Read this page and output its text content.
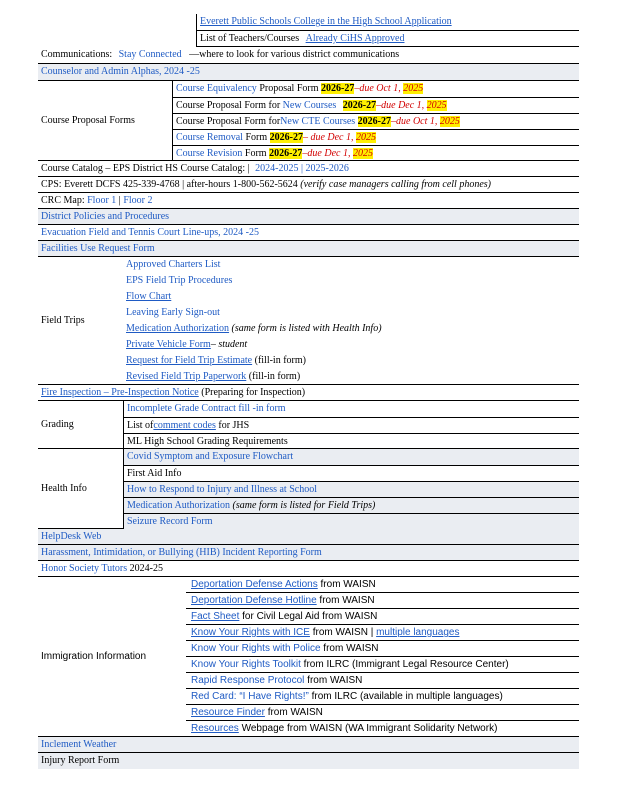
Everett Public Schools College in the High School Application
List of Teachers/Courses Already CiHS Approved
Communications: Stay Connected —where to look for various district communications
Counselor and Admin Alphas, 2024 -25
Course Proposal Forms
Course Equivalency Proposal Form 2026-27–due Oct 1, 2025
Course Proposal Form for New Courses 2026-27–due Dec 1, 2025
Course Proposal Form forNew CTE Courses 2026-27–due Oct 1, 2025
Course Removal Form 2026-27– due Dec 1, 2025
Course Revision Form 2026-27–due Dec 1, 2025
Course Catalog – EPS District HS Course Catalog: | 2024-2025 | 2025-2026
CPS: Everett DCFS 425-339-4768 | after-hours 1-800-562-5624 (verify case managers calling from cell phones)
CRC Map: Floor 1 | Floor 2
District Policies and Procedures
Evacuation Field and Tennis Court Line-ups, 2024 -25
Facilities Use Request Form
Field Trips
Approved Charters List
EPS Field Trip Procedures
Flow Chart
Leaving Early Sign-out
Medication Authorization (same form is listed with Health Info)
Private Vehicle Form– student
Request for Field Trip Estimate (fill-in form)
Revised Field Trip Paperwork (fill-in form)
Fire Inspection – Pre-Inspection Notice (Preparing for Inspection)
Grading
Incomplete Grade Contract fill -in form
List ofcomment codes for JHS
ML High School Grading Requirements
Health Info
Covid Symptom and Exposure Flowchart
First Aid Info
How to Respond to Injury and Illness at School
Medication Authorization (same form is listed for Field Trips)
Seizure Record Form
HelpDesk Web
Harassment, Intimidation, or Bullying (HIB) Incident Reporting Form
Honor Society Tutors 2024-25
Immigration Information
Deportation Defense Actions from WAISN
Deportation Defense Hotline from WAISN
Fact Sheet for Civil Legal Aid from WAISN
Know Your Rights with ICE from WAISN | multiple languages
Know Your Rights with Police from WAISN
Know Your Rights Toolkit from ILRC (Immigrant Legal Resource Center)
Rapid Response Protocol from WAISN
Red Card: “I Have Rights!” from ILRC (available in multiple languages)
Resource Finder from WAISN
Resources Webpage from WAISN (WA Immigrant Solidarity Network)
Inclement Weather
Injury Report Form
